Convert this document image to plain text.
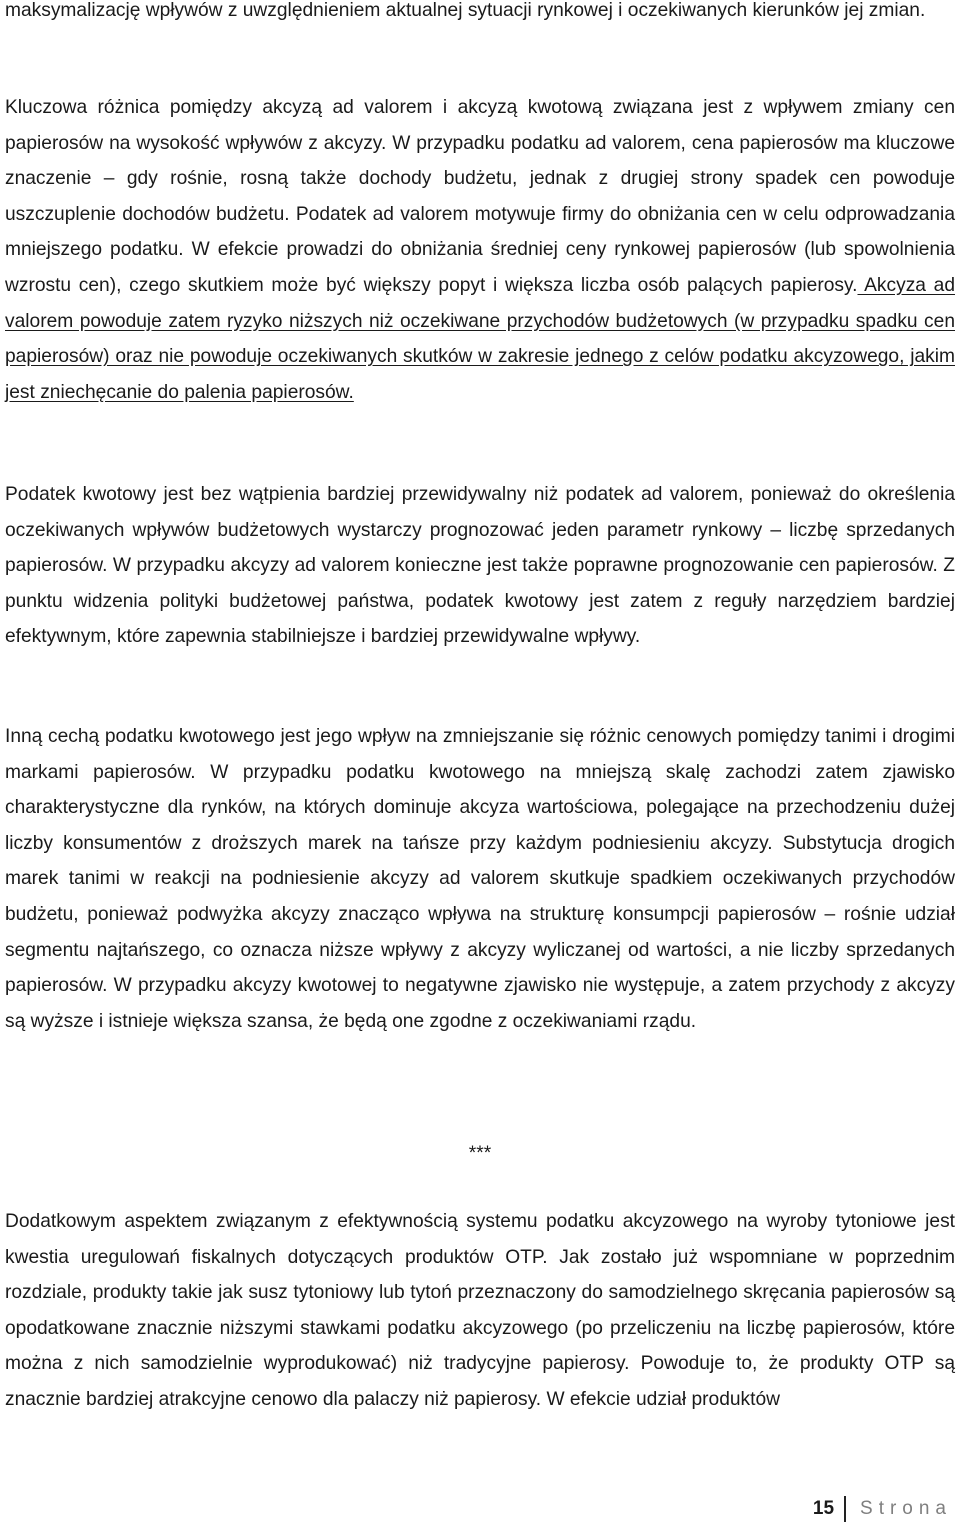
maksymalizację wpływów z uwzględnieniem aktualnej sytuacji rynkowej i oczekiwanych kierunków jej zmian.

Kluczowa różnica pomiędzy akcyzą ad valorem i akcyzą kwotową związana jest z wpływem zmiany cen papierosów na wysokość wpływów z akcyzy. W przypadku podatku ad valorem, cena papierosów ma kluczowe znaczenie – gdy rośnie, rosną także dochody budżetu, jednak z drugiej strony spadek cen powoduje uszczuplenie dochodów budżetu. Podatek ad valorem motywuje firmy do obniżania cen w celu odprowadzania mniejszego podatku. W efekcie prowadzi do obniżania średniej ceny rynkowej papierosów (lub spowolnienia wzrostu cen), czego skutkiem może być większy popyt i większa liczba osób palących papierosy. Akcyza ad valorem powoduje zatem ryzyko niższych niż oczekiwane przychodów budżetowych (w przypadku spadku cen papierosów) oraz nie powoduje oczekiwanych skutków w zakresie jednego z celów podatku akcyzowego, jakim jest zniechęcanie do palenia papierosów.

Podatek kwotowy jest bez wątpienia bardziej przewidywalny niż podatek ad valorem, ponieważ do określenia oczekiwanych wpływów budżetowych wystarczy prognozować jeden parametr rynkowy – liczbę sprzedanych papierosów. W przypadku akcyzy ad valorem konieczne jest także poprawne prognozowanie cen papierosów. Z punktu widzenia polityki budżetowej państwa, podatek kwotowy jest zatem z reguły narzędziem bardziej efektywnym, które zapewnia stabilniejsze i bardziej przewidywalne wpływy.

Inną cechą podatku kwotowego jest jego wpływ na zmniejszanie się różnic cenowych pomiędzy tanimi i drogimi markami papierosów. W przypadku podatku kwotowego na mniejszą skalę zachodzi zatem zjawisko charakterystyczne dla rynków, na których dominuje akcyza wartościowa, polegające na przechodzeniu dużej liczby konsumentów z droższych marek na tańsze przy każdym podniesieniu akcyzy. Substytucja drogich marek tanimi w reakcji na podniesienie akcyzy ad valorem skutkuje spadkiem oczekiwanych przychodów budżetu, ponieważ podwyżka akcyzy znacząco wpływa na strukturę konsumpcji papierosów – rośnie udział segmentu najtańszego, co oznacza niższe wpływy z akcyzy wyliczanej od wartości, a nie liczby sprzedanych papierosów. W przypadku akcyzy kwotowej to negatywne zjawisko nie występuje, a zatem przychody z akcyzy są wyższe i istnieje większa szansa, że będą one zgodne z oczekiwaniami rządu.

***

Dodatkowym aspektem związanym z efektywnością systemu podatku akcyzowego na wyroby tytoniowe jest kwestia uregulowań fiskalnych dotyczących produktów OTP. Jak zostało już wspomniane w poprzednim rozdziale, produkty takie jak susz tytoniowy lub tytoń przeznaczony do samodzielnego skręcania papierosów są opodatkowane znacznie niższymi stawkami podatku akcyzowego (po przeliczeniu na liczbę papierosów, które można z nich samodzielnie wyprodukować) niż tradycyjne papierosy. Powoduje to, że produkty OTP są znacznie bardziej atrakcyjne cenowo dla palaczy niż papierosy. W efekcie udział produktów

15 Strona
